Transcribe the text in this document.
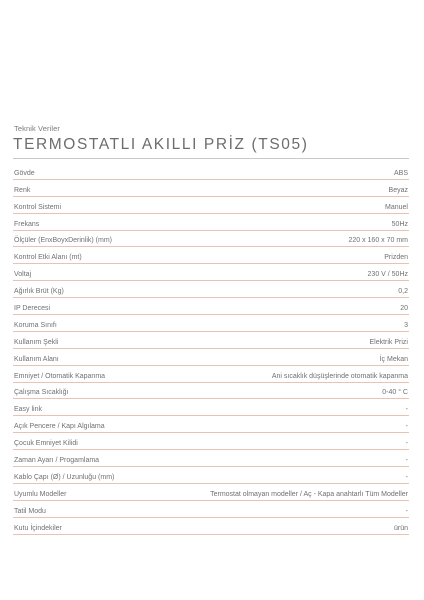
Teknik Veriler
TERMOSTATLI AKILLI PRİZ (TS05)
Gövde	ABS
Renk	Beyaz
Kontrol Sistemi	Manuel
Frekans	50Hz
Ölçüler (EnxBoyxDerinlik) (mm)	220 x 160 x 70 mm
Kontrol Etki Alanı (mt)	Prizden
Voltaj	230 V / 50Hz
Ağırlık Brüt (Kg)	0,2
IP Derecesi	20
Koruma Sınıfı	3
Kullanım Şekli	Elektrik Prizi
Kullanım Alanı	İç Mekan
Emniyet / Otomatik Kapanma	Ani sıcaklık düşüşlerinde otomatik kapanma
Çalışma Sıcaklığı	0-40 ° C
Easy link	-
Açık Pencere / Kapı Algılama	-
Çocuk Emniyet Kilidi	-
Zaman Ayarı / Progamlama	-
Kablo Çapı (Ø) / Uzunluğu (mm)	-
Uyumlu Modeller	Termostat olmayan modeller / Aç - Kapa anahtarlı Tüm Modeller
Tatil Modu	-
Kutu İçindekiler	ürün
